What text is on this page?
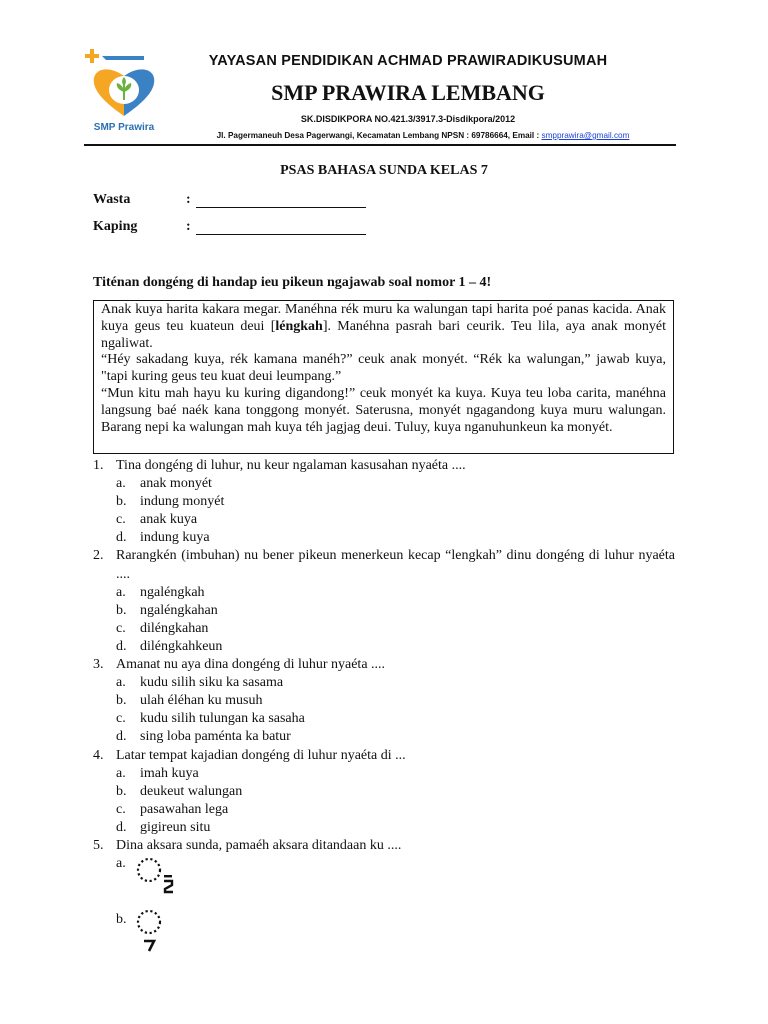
SMP Prawira
YAYASAN PENDIDIKAN ACHMAD PRAWIRADIKUSUMAH
SMP PRAWIRA LEMBANG
SK.DISDIKPORA NO.421.3/3917.3-Disdikpora/2012
Jl. Pagermaneuh Desa Pagerwangi, Kecamatan Lembang NPSN : 69786664, Email : smpprawira@gmail.com
PSAS BAHASA SUNDA KELAS 7
Wasta	:
Kaping	:
Titénan dongéng di handap ieu pikeun ngajawab soal nomor 1 – 4!

Anak kuya harita kakara megar. Manéhna rék muru ka walungan tapi harita poé panas kacida. Anak kuya geus teu kuateun deui [léngkah]. Manéhna pasrah bari ceurik. Teu lila, aya anak monyét ngaliwat.

“Héy sakadang kuya, rék kamana manéh?” ceuk anak monyét. “Rék ka walungan,” jawab kuya, "tapi kuring geus teu kuat deui leumpang.”

“Mun kitu mah hayu ku kuring digandong!” ceuk monyét ka kuya. Kuya teu loba carita, manéhna langsung baé naék kana tonggong monyét. Saterusna, monyét ngagandong kuya muru walungan. Barang nepi ka walungan mah kuya téh jagjag deui. Tuluy, kuya nganuhunkeun ka monyét.

1. Tina dongéng di luhur, nu keur ngalaman kasusahan nyaéta ....
a. anak monyét
b. indung monyét
c. anak kuya
d. indung kuya
2. Rarangkén (imbuhan) nu bener pikeun menerkeun kecap “lengkah” dinu dongéng di luhur nyaéta ....
a. ngaléngkah
b. ngaléngkahan
c. diléngkahan
d. diléngkahkeun
3. Amanat nu aya dina dongéng di luhur nyaéta ....
a. kudu silih siku ka sasama
b. ulah éléhan ku musuh
c. kudu silih tulungan ka sasaha
d. sing loba paménta ka batur
4. Latar tempat kajadian dongéng di luhur nyaéta di ...
a. imah kuya
b. deukeut walungan
c. pasawahan lega
d. gigireun situ
5. Dina aksara sunda, pamaéh aksara ditandaan ku ....
a.
b.
